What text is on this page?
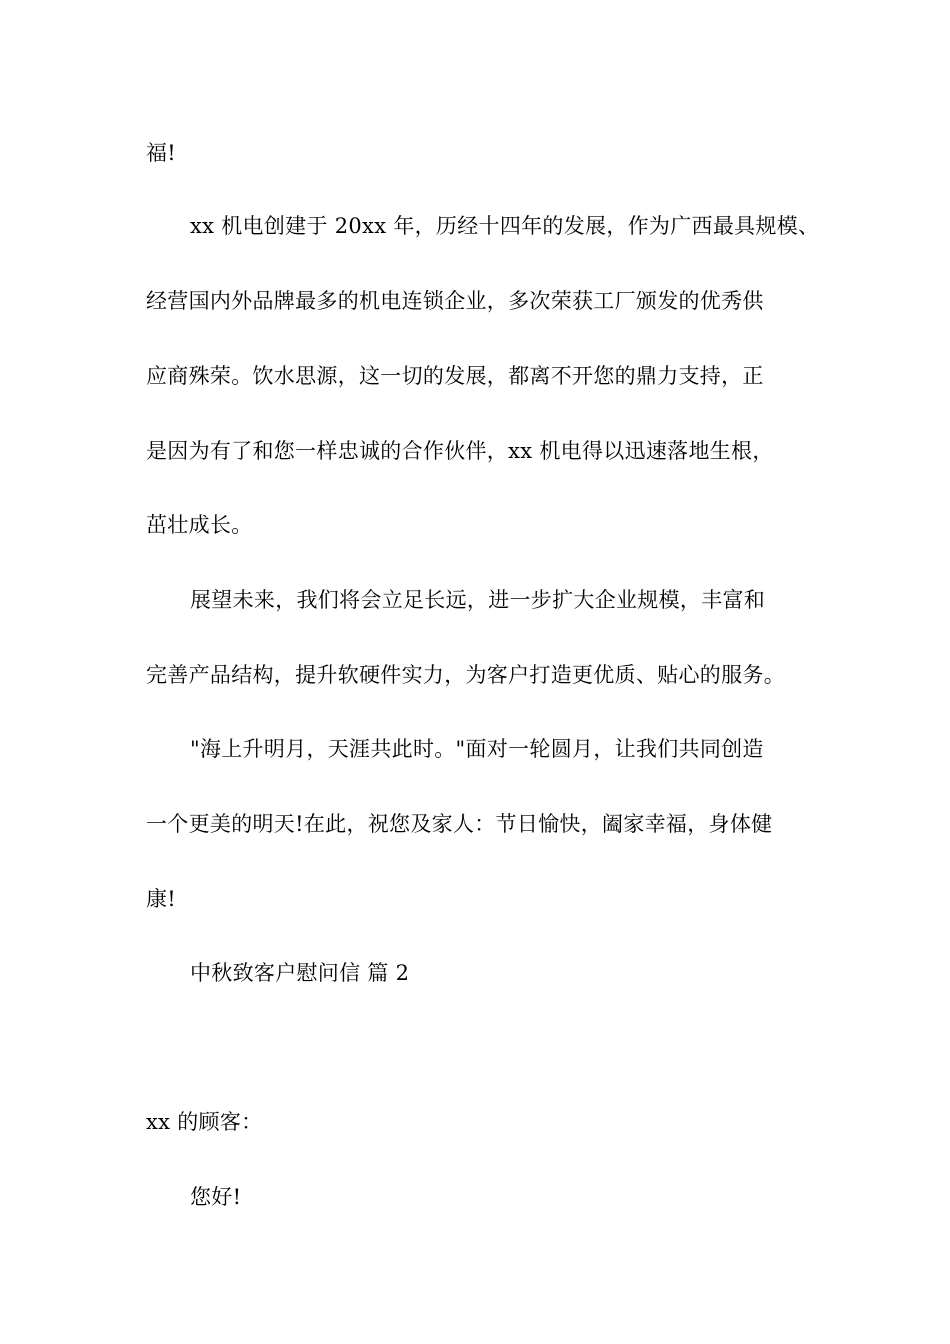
福!
xx 机电创建于 20xx 年，历经十四年的发展，作为广西最具规模、
经营国内外品牌最多的机电连锁企业，多次荣获工厂颁发的优秀供
应商殊荣。饮水思源，这一切的发展，都离不开您的鼎力支持，正
是因为有了和您一样忠诚的合作伙伴，xx 机电得以迅速落地生根，
茁壮成长。
展望未来，我们将会立足长远，进一步扩大企业规模，丰富和
完善产品结构，提升软硬件实力，为客户打造更优质、贴心的服务。
"海上升明月，天涯共此时。"面对一轮圆月，让我们共同创造
一个更美的明天!在此，祝您及家人：节日愉快，阖家幸福，身体健
康!
中秋致客户慰问信 篇 2
xx 的顾客：
您好!
